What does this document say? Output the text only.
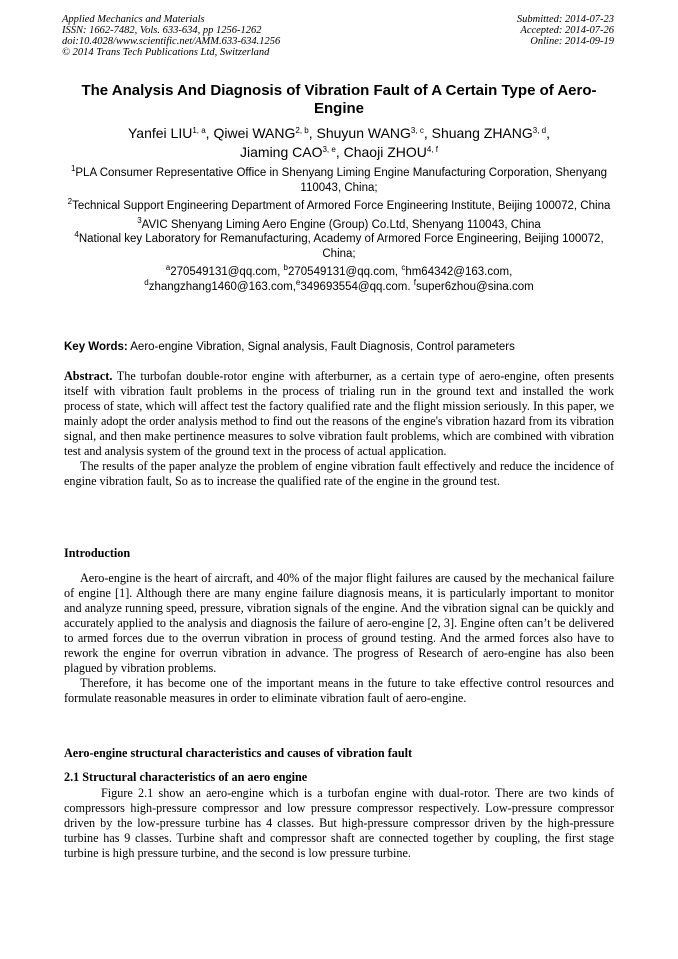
Applied Mechanics and Materials
ISSN: 1662-7482, Vols. 633-634, pp 1256-1262
doi:10.4028/www.scientific.net/AMM.633-634.1256
© 2014 Trans Tech Publications Ltd, Switzerland
Submitted: 2014-07-23
Accepted: 2014-07-26
Online: 2014-09-19
The Analysis And Diagnosis of Vibration Fault of A Certain Type of Aero-Engine
Yanfei LIU$^{1, a}$, Qiwei WANG$^{2, b}$, Shuyun WANG$^{3, c}$, Shuang ZHANG$^{3, d}$,
Jiaming CAO$^{3, e}$, Chaoji ZHOU$^{4, f}$
$^1$PLA Consumer Representative Office in Shenyang Liming Engine Manufacturing Corporation, Shenyang 110043, China;
$^2$Technical Support Engineering Department of Armored Force Engineering Institute, Beijing 100072, China
$^3$AVIC Shenyang Liming Aero Engine (Group) Co.Ltd, Shenyang 110043, China
$^4$National key Laboratory for Remanufacturing, Academy of Armored Force Engineering, Beijing 100072, China;
$^a$270549131@qq.com, $^b$270549131@qq.com, $^c$hm64342@163.com,
$^d$zhangzhang1460@163.com,$^e$349693554@qq.com. $^f$super6zhou@sina.com
Key Words: Aero-engine Vibration, Signal analysis, Fault Diagnosis, Control parameters

Abstract. The turbofan double-rotor engine with afterburner, as a certain type of aero-engine, often presents itself with vibration fault problems in the process of trialing run in the ground text and installed the work process of state, which will affect test the factory qualified rate and the flight mission seriously. In this paper, we mainly adopt the order analysis method to find out the reasons of the engine's vibration hazard from its vibration signal, and then make pertinence measures to solve vibration fault problems, which are combined with vibration test and analysis system of the ground text in the process of actual application.

The results of the paper analyze the problem of engine vibration fault effectively and reduce the incidence of engine vibration fault, So as to increase the qualified rate of the engine in the ground test.

Introduction

Aero-engine is the heart of aircraft, and 40% of the major flight failures are caused by the mechanical failure of engine [1]. Although there are many engine failure diagnosis means, it is particularly important to monitor and analyze running speed, pressure, vibration signals of the engine. And the vibration signal can be quickly and accurately applied to the analysis and diagnosis the failure of aero-engine [2, 3]. Engine often can’t be delivered to armed forces due to the overrun vibration in process of ground testing. And the armed forces also have to rework the engine for overrun vibration in advance. The progress of Research of aero-engine has also been plagued by vibration problems.

Therefore, it has become one of the important means in the future to take effective control resources and formulate reasonable measures in order to eliminate vibration fault of aero-engine.

Aero-engine structural characteristics and causes of vibration fault
2.1 Structural characteristics of an aero engine

Figure 2.1 show an aero-engine which is a turbofan engine with dual-rotor. There are two kinds of compressors high-pressure compressor and low pressure compressor respectively. Low-pressure compressor driven by the low-pressure turbine has 4 classes. But high-pressure compressor driven by the high-pressure turbine has 9 classes. Turbine shaft and compressor shaft are connected together by coupling, the first stage turbine is high pressure turbine, and the second is low pressure turbine.
